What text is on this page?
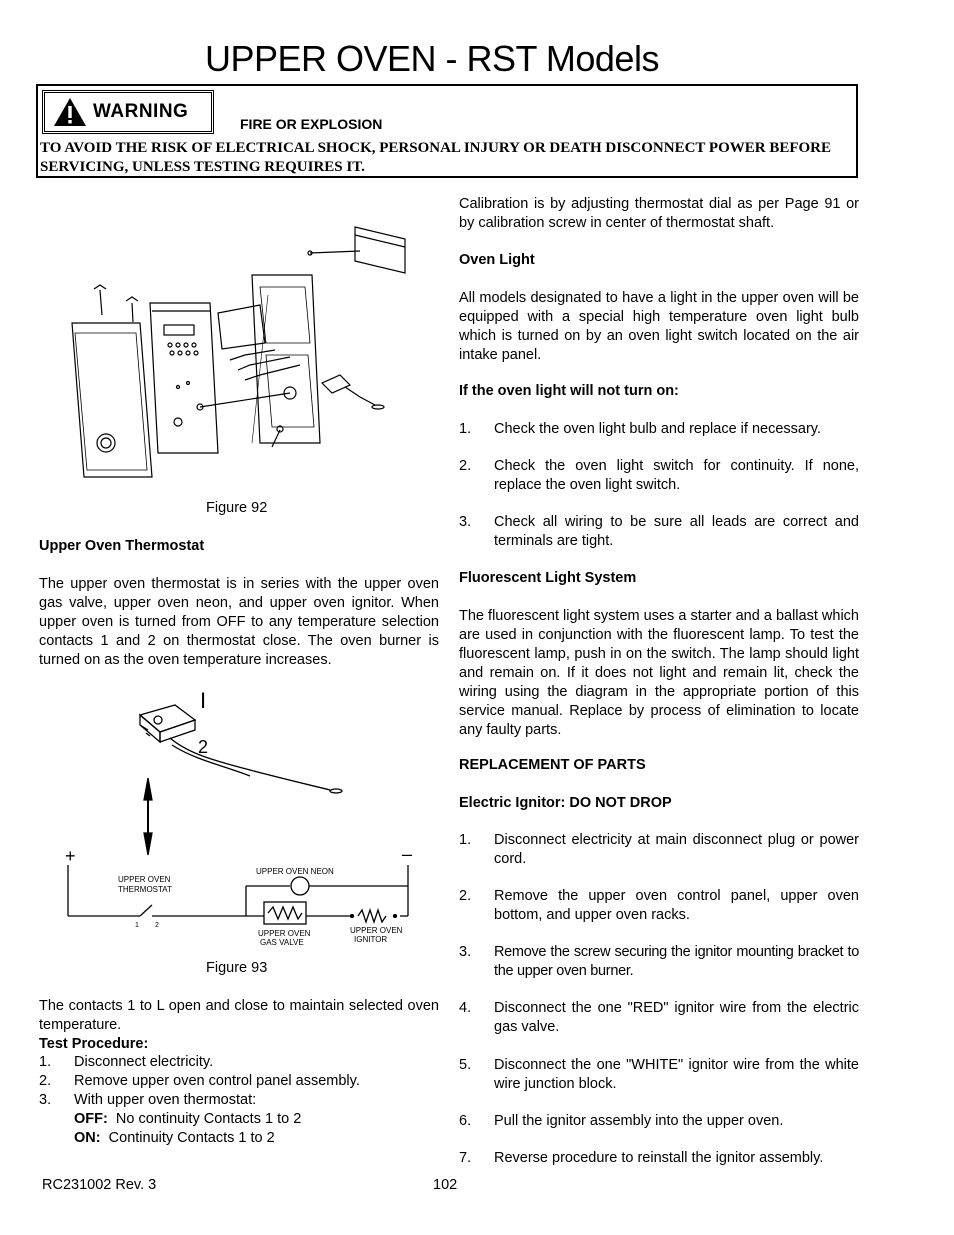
UPPER OVEN - RST Models
WARNING
FIRE OR EXPLOSION
TO AVOID THE RISK OF ELECTRICAL SHOCK, PERSONAL INJURY OR DEATH DISCONNECT POWER BEFORE SERVICING, UNLESS TESTING REQUIRES IT.
Figure 92

Upper Oven Thermostat

The upper oven thermostat is in series with the upper oven gas valve, upper oven neon, and upper oven ignitor. When upper oven is turned from OFF to any temperature selection contacts 1 and 2 on thermostat close. The oven burner is turned on as the oven temperature increases.

I
2
+	–
UPPER OVEN
THERMOSTAT
1 2
UPPER OVEN NEON
UPPER OVEN
GAS VALVE
UPPER OVEN
IGNITOR
Figure 93

The contacts 1 to L open and close to maintain selected oven temperature.

Test Procedure:

1. Disconnect electricity.
2. Remove upper oven control panel assembly.
3. With upper oven thermostat:
OFF: No continuity Contacts 1 to 2
ON: Continuity Contacts 1 to 2

Calibration is by adjusting thermostat dial as per Page 91 or by calibration screw in center of thermostat shaft.

Oven Light

All models designated to have a light in the upper oven will be equipped with a special high temperature oven light bulb which is turned on by an oven light switch located on the air intake panel.

If the oven light will not turn on:
1. Check the oven light bulb and replace if necessary.
2. Check the oven light switch for continuity. If none, replace the oven light switch.
3. Check all wiring to be sure all leads are correct and terminals are tight.
Fluorescent Light System

The fluorescent light system uses a starter and a ballast which are used in conjunction with the fluorescent lamp. To test the fluorescent lamp, push in on the switch. The lamp should light and remain on. If it does not light and remain lit, check the wiring using the diagram in the appropriate portion of this service manual. Replace by process of elimination to locate any faulty parts.

REPLACEMENT OF PARTS
Electric Ignitor: DO NOT DROP
1. Disconnect electricity at main disconnect plug or power cord.
2. Remove the upper oven control panel, upper oven bottom, and upper oven racks.
3. Remove the screw securing the ignitor mounting bracket to the upper oven burner.
4. Disconnect the one "RED" ignitor wire from the electric gas valve.
5. Disconnect the one "WHITE" ignitor wire from the white wire junction block.
6. Pull the ignitor assembly into the upper oven.
7. Reverse procedure to reinstall the ignitor assembly.
RC231002 Rev. 3	102
